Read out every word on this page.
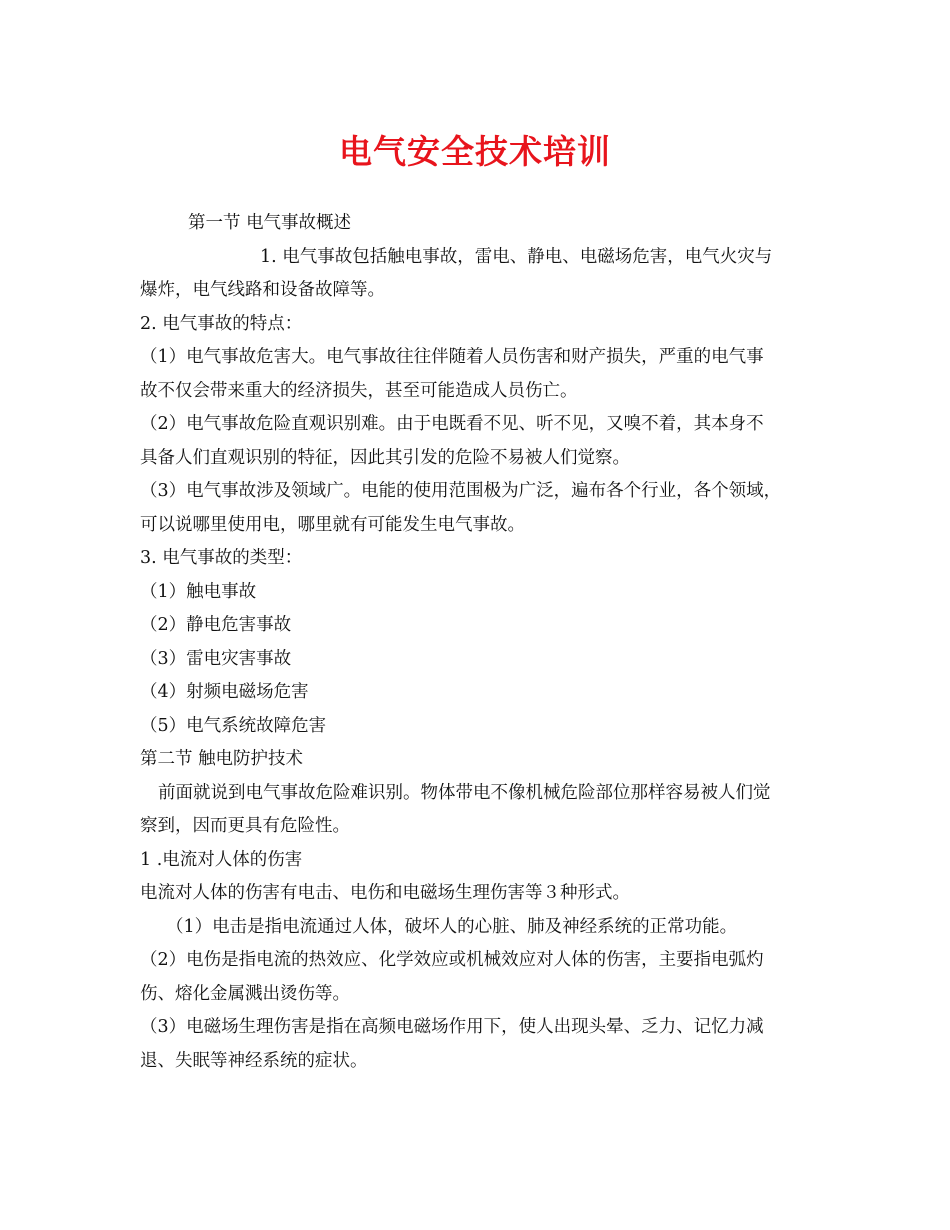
电气安全技术培训

第一节 电气事故概述

1. 电气事故包括触电事故，雷电、静电、电磁场危害，电气火灾与

爆炸，电气线路和设备故障等。

2. 电气事故的特点：

（1）电气事故危害大。电气事故往往伴随着人员伤害和财产损失，严重的电气事

故不仅会带来重大的经济损失，甚至可能造成人员伤亡。

（2）电气事故危险直观识别难。由于电既看不见、听不见，又嗅不着，其本身不

具备人们直观识别的特征，因此其引发的危险不易被人们觉察。

（3）电气事故涉及领域广。电能的使用范围极为广泛，遍布各个行业，各个领域，

可以说哪里使用电，哪里就有可能发生电气事故。

3. 电气事故的类型：

（1）触电事故

（2）静电危害事故

（3）雷电灾害事故

（4）射频电磁场危害

（5）电气系统故障危害

第二节 触电防护技术

前面就说到电气事故危险难识别。物体带电不像机械危险部位那样容易被人们觉

察到，因而更具有危险性。

1 .电流对人体的伤害

电流对人体的伤害有电击、电伤和电磁场生理伤害等３种形式。

（1）电击是指电流通过人体，破坏人的心脏、肺及神经系统的正常功能。

（2）电伤是指电流的热效应、化学效应或机械效应对人体的伤害，主要指电弧灼

伤、熔化金属溅出烫伤等。

（3）电磁场生理伤害是指在高频电磁场作用下，使人出现头晕、乏力、记忆力减

退、失眠等神经系统的症状。
